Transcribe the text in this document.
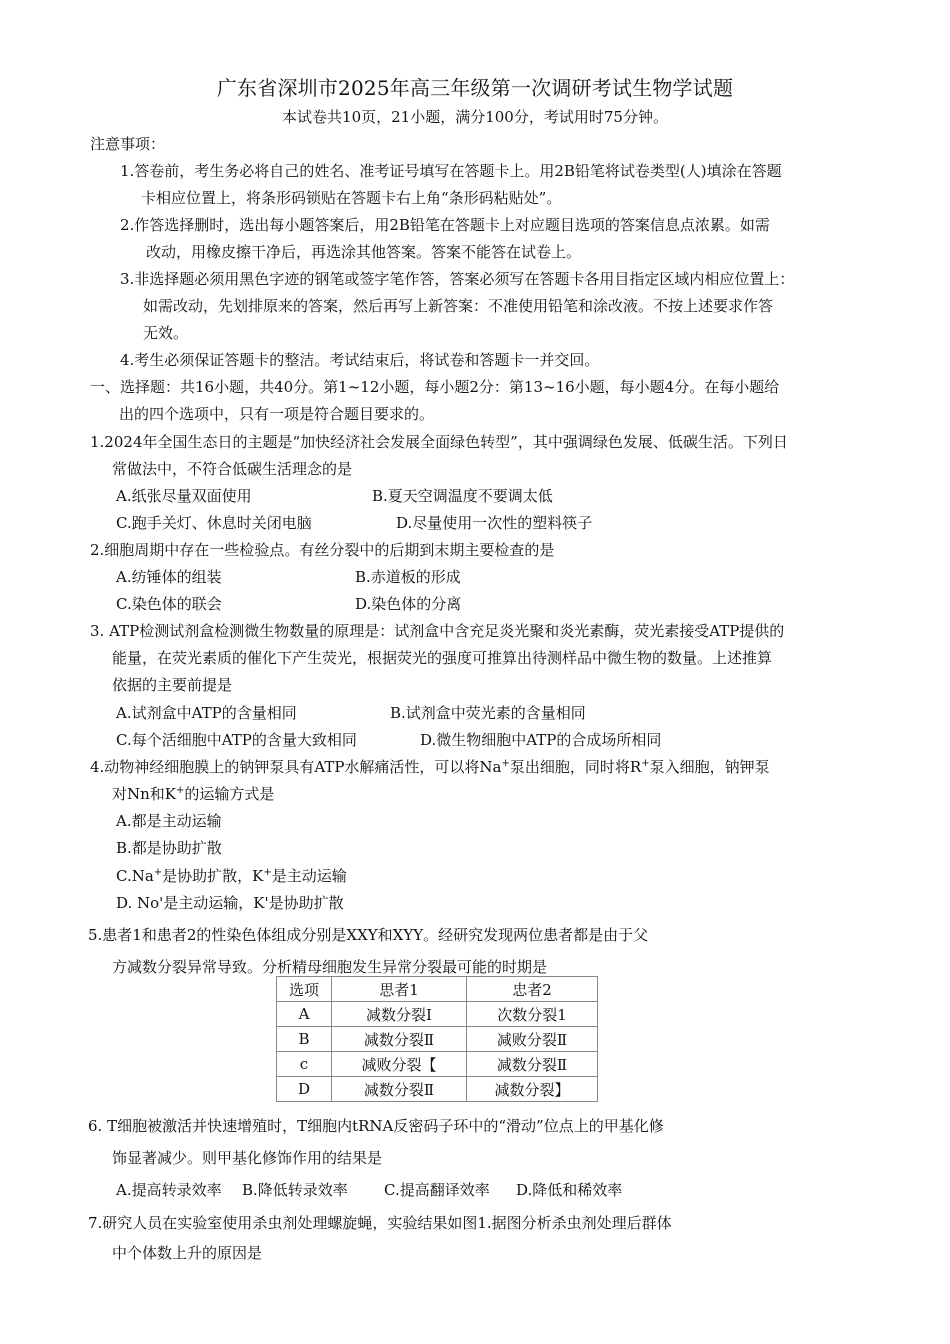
广东省深圳市2025年高三年级第一次调研考试生物学试题
本试卷共10页，21小题，满分100分，考试用时75分钟。
注意事项：
1.答卷前，考生务必将自己的姓名、准考证号填写在答题卡上。用2B铅笔将试卷类型(人)填涂在答题
卡相应位置上，将条形码锁贴在答题卡右上角“条形码粘贴处”。
2.作答选择删时，选出每小题答案后，用2B铅笔在答题卡上对应题目选项的答案信息点浓累。如需
改动，用橡皮擦干净后，再选涂其他答案。答案不能答在试卷上。
3.非选择题必须用黑色字迹的钢笔或签字笔作答，答案必须写在答题卡各用目指定区域内相应位置上：
如需改动，先划排原来的答案，然后再写上新答案：不准使用铅笔和涂改液。不按上述要求作答
无效。
4.考生必须保证答题卡的整洁。考试结束后，将试卷和答题卡一并交回。
一、选择题：共16小题，共40分。第1~12小题，每小题2分：第13~16小题，每小题4分。在每小题给
出的四个选项中，只有一项是符合题目要求的。
1.2024年全国生态日的主题是“加快经济社会发展全面绿色转型”，其中强调绿色发展、低碳生活。下列日
常做法中，不符合低碳生活理念的是
A.纸张尽量双面使用	B.夏天空调温度不要调太低
C.跑手关灯、休息时关闭电脑	D.尽量使用一次性的塑料筷子
2.细胞周期中存在一些检验点。有丝分裂中的后期到末期主要检查的是
A.纺锤体的组装	B.赤道板的形成
C.染色体的联会	D.染色体的分离
3. ATP检测试剂盒检测微生物数量的原理是：试剂盒中含充足炎光聚和炎光素酶，荧光素接受ATP提供的
能量，在荧光素质的催化下产生荧光，根据荧光的强度可推算出待测样品中微生物的数量。上述推算
依据的主要前提是
A.试剂盒中ATP的含量相同	B.试剂盒中荧光素的含量相同
C.每个活细胞中ATP的含量大致相同	D.微生物细胞中ATP的合成场所相同
4.动物神经细胞膜上的钠钾泵具有ATP水解痛活性，可以将Na+泵出细胞，同时将R+泵入细胞，钠钾泵
对Nn和K+的运输方式是
A.都是主动运输
B.都是协助扩散
C.Na+是协助扩散，K+是主动运输
D. No'是主动运输，K'是协助扩散
5.患者1和患者2的性染色体组成分别是XXY和XYY。经研究发现两位患者都是由于父
方减数分裂异常导致。分析精母细胞发生异常分裂最可能的时期是
选项	思者1	忠者2
A	减数分裂Ⅰ	次数分裂1
B	减数分裂Ⅱ	减败分裂Ⅱ
c	减败分裂【	减数分裂Ⅱ
D	减数分裂Ⅱ	减数分裂】
6. T细胞被激活并快速增殖时，T细胞内tRNA反密码子环中的“滑动”位点上的甲基化修
饰显著减少。则甲基化修饰作用的结果是
A.提高转录效率 B.降低转录效率 C.提高翻译效率 D.降低和稀效率
7.研究人员在实验室使用杀虫剂处理螺旋蝇，实验结果如图1.据图分析杀虫剂处理后群体
中个体数上升的原因是
